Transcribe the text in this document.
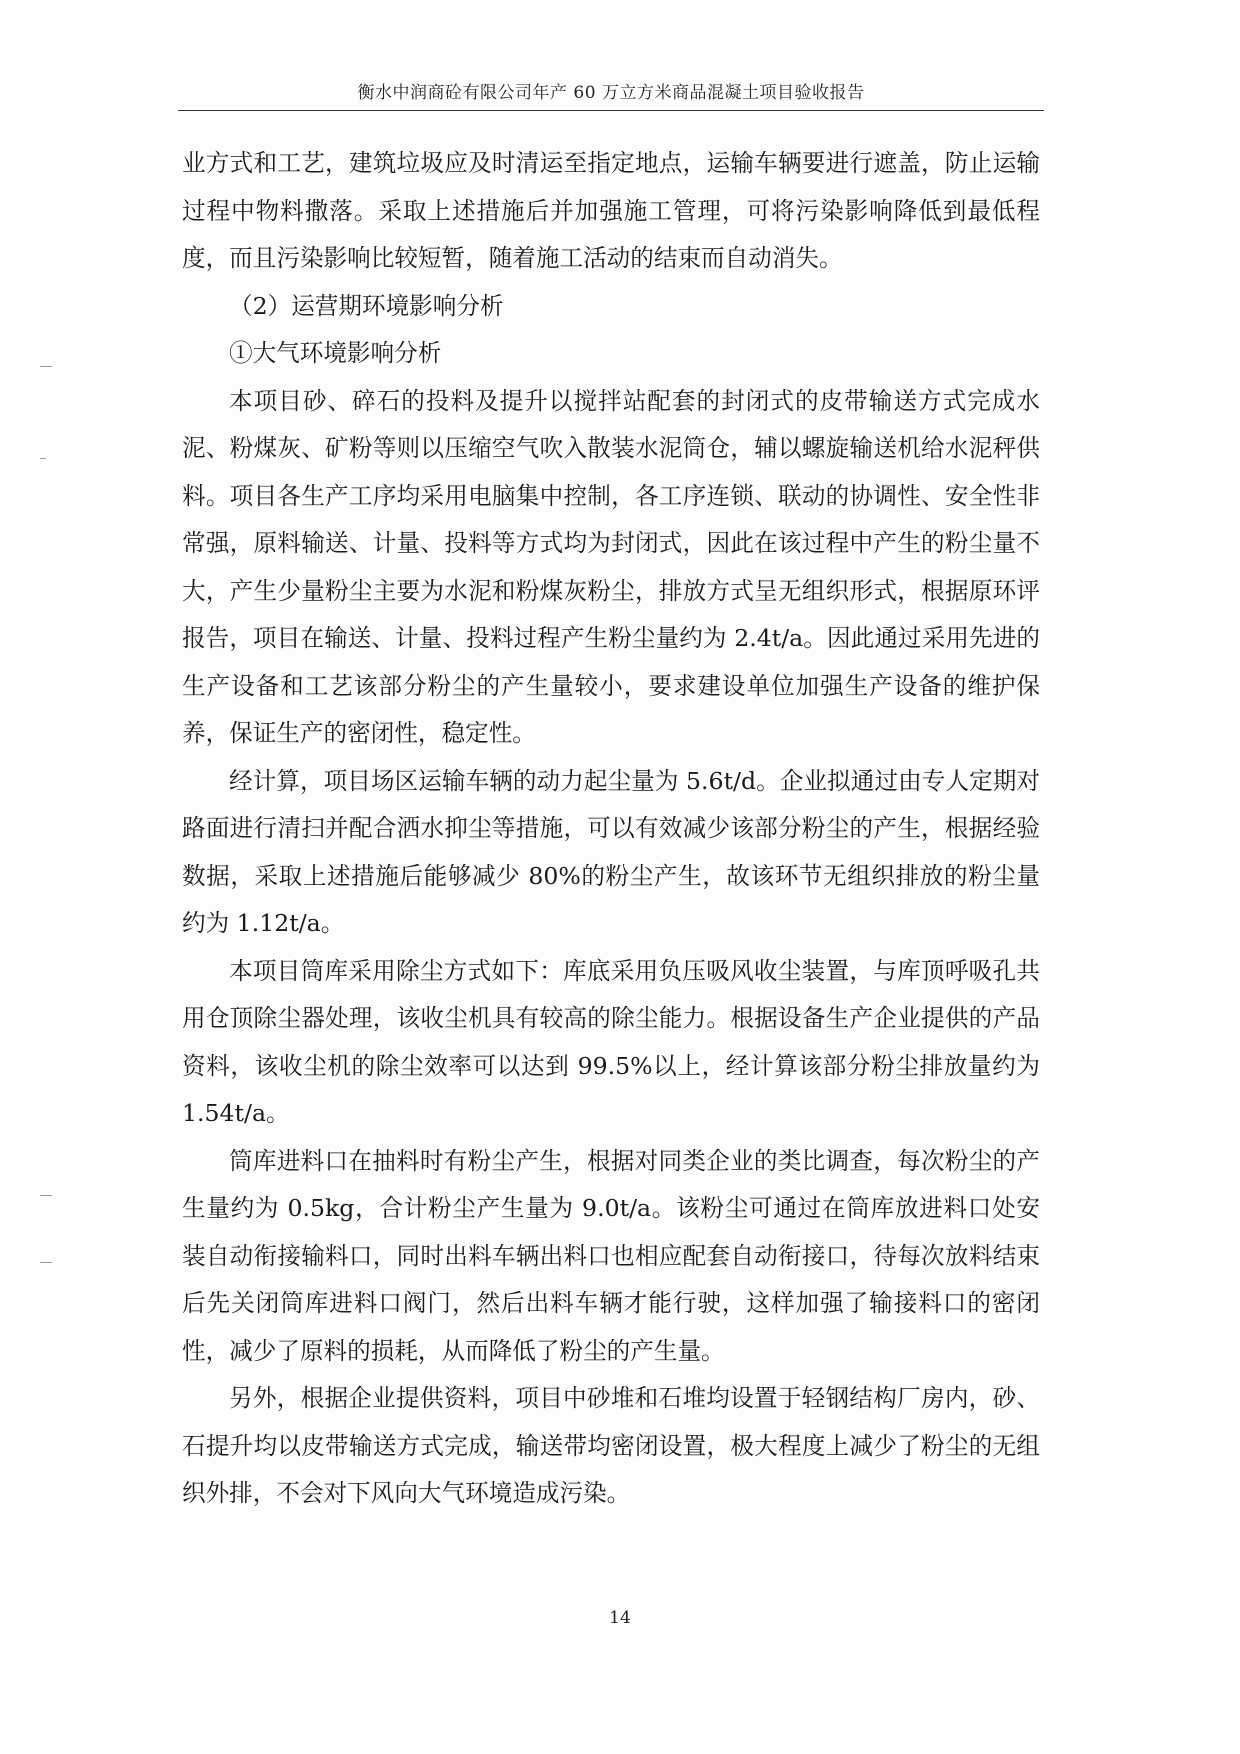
衡水中润商砼有限公司年产 60 万立方米商品混凝土项目验收报告

业方式和工艺，建筑垃圾应及时清运至指定地点，运输车辆要进行遮盖，防止运输过程中物料撒落。采取上述措施后并加强施工管理，可将污染影响降低到最低程度，而且污染影响比较短暂，随着施工活动的结束而自动消失。

（2）运营期环境影响分析

①大气环境影响分析

本项目砂、碎石的投料及提升以搅拌站配套的封闭式的皮带输送方式完成水泥、粉煤灰、矿粉等则以压缩空气吹入散装水泥筒仓，辅以螺旋输送机给水泥秤供料。项目各生产工序均采用电脑集中控制，各工序连锁、联动的协调性、安全性非常强，原料输送、计量、投料等方式均为封闭式，因此在该过程中产生的粉尘量不大，产生少量粉尘主要为水泥和粉煤灰粉尘，排放方式呈无组织形式，根据原环评报告，项目在输送、计量、投料过程产生粉尘量约为 2.4t/a。因此通过采用先进的生产设备和工艺该部分粉尘的产生量较小，要求建设单位加强生产设备的维护保养，保证生产的密闭性，稳定性。

经计算，项目场区运输车辆的动力起尘量为 5.6t/d。企业拟通过由专人定期对路面进行清扫并配合洒水抑尘等措施，可以有效减少该部分粉尘的产生，根据经验数据，采取上述措施后能够减少 80%的粉尘产生，故该环节无组织排放的粉尘量约为 1.12t/a。

本项目筒库采用除尘方式如下：库底采用负压吸风收尘装置，与库顶呼吸孔共用仓顶除尘器处理，该收尘机具有较高的除尘能力。根据设备生产企业提供的产品资料，该收尘机的除尘效率可以达到 99.5%以上，经计算该部分粉尘排放量约为 1.54t/a。

筒库进料口在抽料时有粉尘产生，根据对同类企业的类比调查，每次粉尘的产生量约为 0.5kg，合计粉尘产生量为 9.0t/a。该粉尘可通过在筒库放进料口处安装自动衔接输料口，同时出料车辆出料口也相应配套自动衔接口，待每次放料结束后先关闭筒库进料口阀门，然后出料车辆才能行驶，这样加强了输接料口的密闭性，减少了原料的损耗，从而降低了粉尘的产生量。

另外，根据企业提供资料，项目中砂堆和石堆均设置于轻钢结构厂房内，砂、石提升均以皮带输送方式完成，输送带均密闭设置，极大程度上减少了粉尘的无组织外排，不会对下风向大气环境造成污染。

14
